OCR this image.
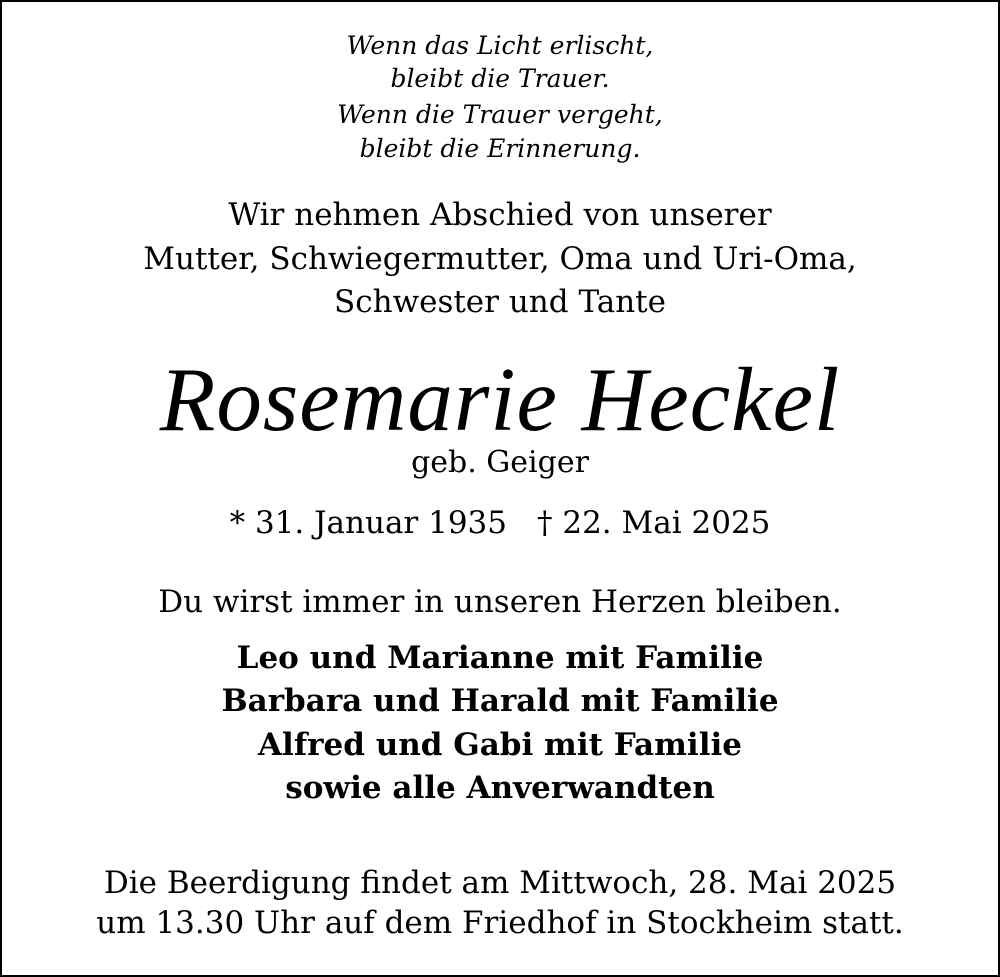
Wenn das Licht erlischt,
bleibt die Trauer.
Wenn die Trauer vergeht,
bleibt die Erinnerung.
Wir nehmen Abschied von unserer
Mutter, Schwiegermutter, Oma und Uri-Oma,
Schwester und Tante
Rosemarie Heckel
geb. Geiger
* 31. Januar 1935 † 22. Mai 2025
Du wirst immer in unseren Herzen bleiben.
Leo und Marianne mit Familie
Barbara und Harald mit Familie
Alfred und Gabi mit Familie
sowie alle Anverwandten
Die Beerdigung findet am Mittwoch, 28. Mai 2025
um 13.30 Uhr auf dem Friedhof in Stockheim statt.
